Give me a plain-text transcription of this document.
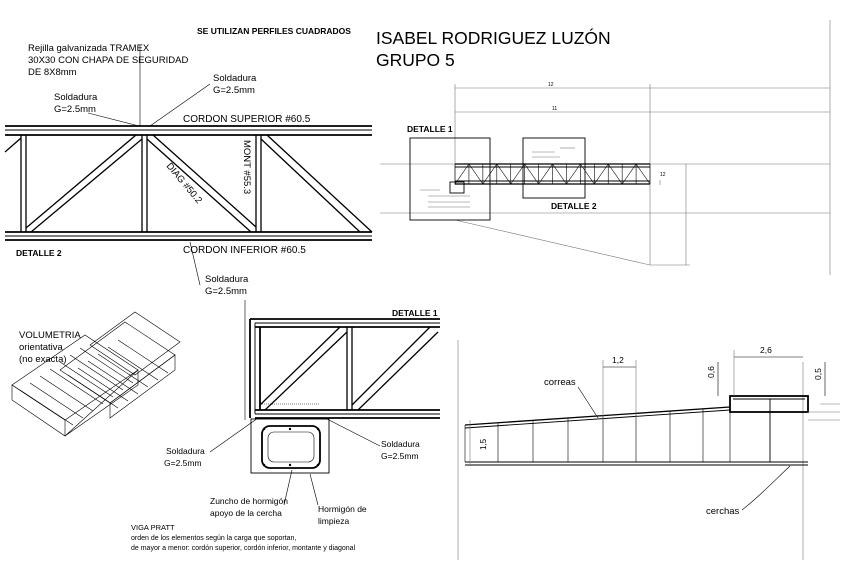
SE UTILIZAN PERFILES CUADRADOS ISABEL RODRIGUEZ LUZÓN
GRUPO 5
Rejilla galvanizada TRAMEX 30X30 CON CHAPA DE SEGURIDAD DE 8X8mm
Soldadura G=2.5mm
Soldadura G=2.5mm
CORDON SUPERIOR #60.5
CORDON INFERIOR #60.5
DIAG #50.2	MONT #55.3
DETALLE 2
Soldadura G=2.5mm
12
11
12
DETALLE 1
DETALLE 2
VOLUMETRIA orientativa (no exacta)
DETALLE 1
Soldadura G=2.5mm
Soldadura G=2.5mm
Zuncho de hormigón apoyo de la cercha	Hormigón de limpieza
VIGA PRATT
orden de los elementos según la carga que soportan, de mayor a menor: cordón superior, cordón inferior, montante y diagonal
1,2
2,6
0,6	0,5
1,5
correas
cerchas
